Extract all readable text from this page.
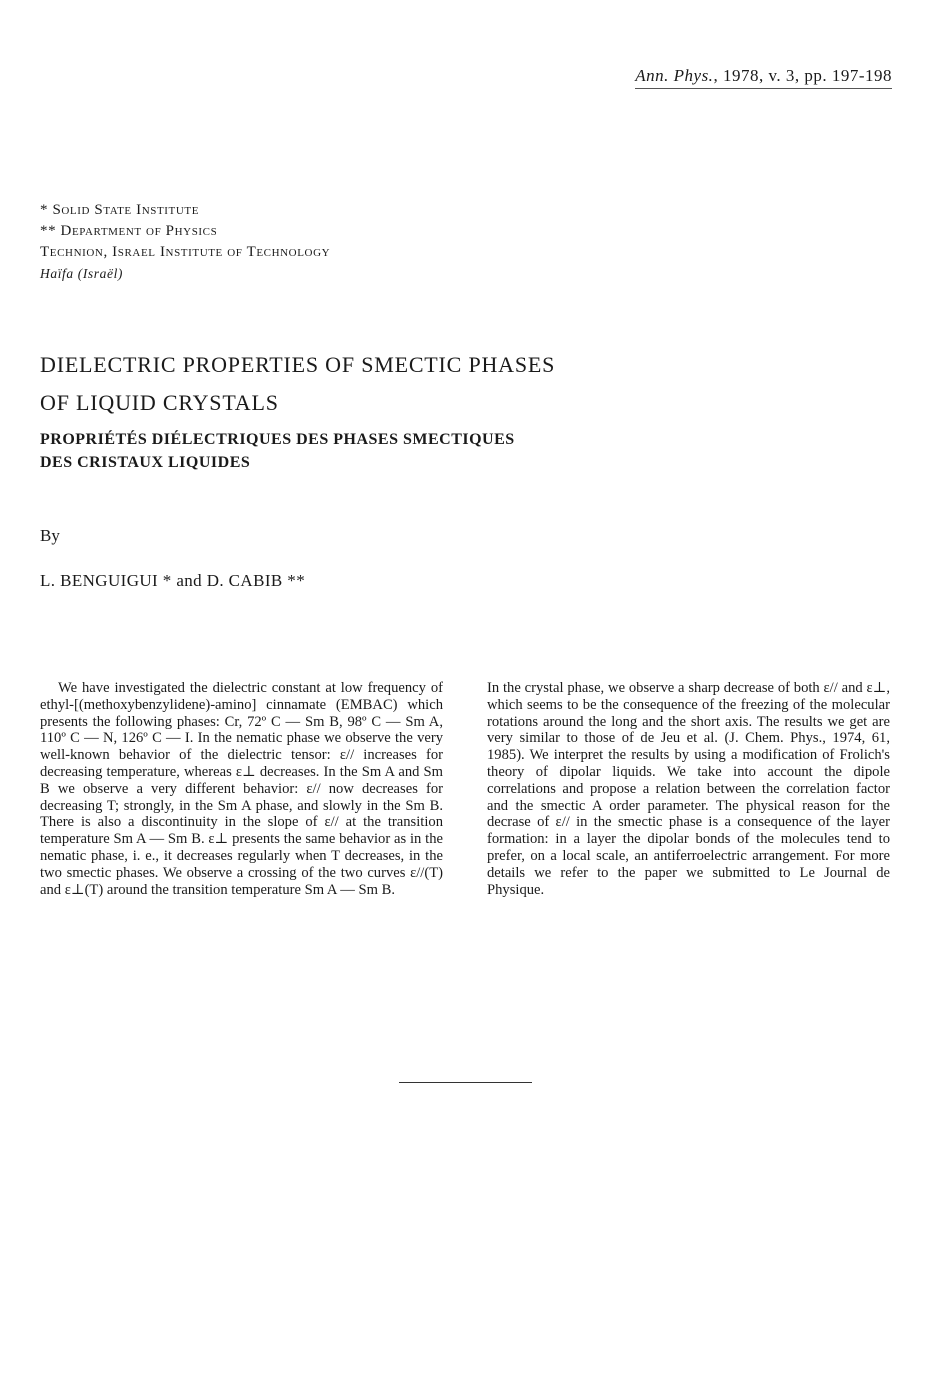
Ann. Phys., 1978, v. 3, pp. 197-198
* Solid State Institute
** Department of Physics
Technion, Israel Institute of Technology
Haïfa (Israël)
DIELECTRIC PROPERTIES OF SMECTIC PHASES
OF LIQUID CRYSTALS
PROPRIÉTÉS DIÉLECTRIQUES DES PHASES SMECTIQUES
DES CRISTAUX LIQUIDES
By
L. BENGUIGUI * and D. CABIB **

We have investigated the dielectric constant at low frequency of ethyl-[(methoxybenzylidene)-amino] cinnamate (EMBAC) which presents the following phases: Cr, 72º C — Sm B, 98º C — Sm A, 110º C — N, 126º C — I. In the nematic phase we observe the very well-known behavior of the dielectric tensor: ε// increases for decreasing temperature, whereas ε⊥ decreases. In the Sm A and Sm B we observe a very different behavior: ε// now decreases for decreasing T; strongly, in the Sm A phase, and slowly in the Sm B. There is also a discontinuity in the slope of ε// at the transition temperature Sm A — Sm B. ε⊥ presents the same behavior as in the nematic phase, i. e., it decreases regularly when T decreases, in the two smectic phases. We observe a crossing of the two curves ε//(T) and ε⊥(T) around the transition temperature Sm A — Sm B.

In the crystal phase, we observe a sharp decrease of both ε// and ε⊥, which seems to be the consequence of the freezing of the molecular rotations around the long and the short axis. The results we get are very similar to those of de Jeu et al. (J. Chem. Phys., 1974, 61, 1985). We interpret the results by using a modification of Frolich's theory of dipolar liquids. We take into account the dipole correlations and propose a relation between the correlation factor and the smectic A order parameter. The physical reason for the decrase of ε// in the smectic phase is a consequence of the layer formation: in a layer the dipolar bonds of the molecules tend to prefer, on a local scale, an antiferroelectric arrangement. For more details we refer to the paper we submitted to Le Journal de Physique.
